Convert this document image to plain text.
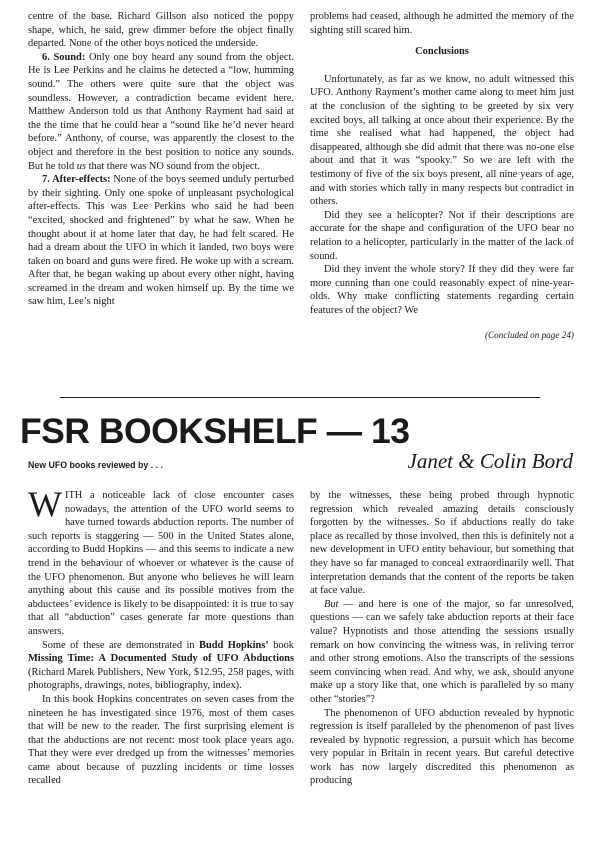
centre of the base. Richard Gillson also noticed the poppy shape, which, he said, grew dimmer before the object finally departed. None of the other boys noticed the underside.

6. Sound: Only one boy heard any sound from the object. He is Lee Perkins and he claims he detected a “low, humming sound.” The others were quite sure that the object was soundless. However, a contradiction became evident here. Matthew Anderson told us that Anthony Rayment had said at the the time that he could hear a “sound like he’d never heard before.” Anthony, of course, was apparently the closest to the object and therefore in the best position to notice any sounds. But he told us that there was NO sound from the object.

7. After-effects: None of the boys seemed unduly perturbed by their sighting. Only one spoke of unpleasant psychological after-effects. This was Lee Perkins who said he had been “excited, shocked and frightened” by what he saw. When he thought about it at home later that day, he had felt scared. He had a dream about the UFO in which it landed, two boys were taken on board and guns were fired. He woke up with a scream. After that, he began waking up about every other night, having screamed in the dream and woken himself up. By the time we saw him, Lee’s night

problems had ceased, although he admitted the memory of the sighting still scared him.

Conclusions

Unfortunately, as far as we know, no adult witnessed this UFO. Anthony Rayment’s mother came along to meet him just at the conclusion of the sighting to be greeted by six very excited boys, all talking at once about their experience. By the time she realised what had happened, the object had disappeared, although she did admit that there was no-one else about and that it was “spooky.” So we are left with the testimony of five of the six boys present, all nine years of age, and with stories which tally in many respects but contradict in others.

Did they see a helicopter? Not if their descriptions are accurate for the shape and configuration of the UFO bear no relation to a helicopter, particularly in the matter of the lack of sound.

Did they invent the whole story? If they did they were far more cunning than one could reasonably expect of nine-year-olds. Why make conflicting statements regarding certain features of the object? We

(Concluded on page 24)

FSR BOOKSHELF — 13
New UFO books reviewed by . . .	Janet & Colin Bord

WITH a noticeable lack of close encounter cases nowadays, the attention of the UFO world seems to have turned towards abduction reports. The number of such reports is staggering — 500 in the United States alone, according to Budd Hopkins — and this seems to indicate a new trend in the behaviour of whoever or whatever is the cause of the UFO phenomenon. But anyone who believes he will learn anything about this cause and its possible motives from the abductees’ evidence is likely to be disappointed: it is true to say that all “abduction” cases generate far more questions than answers.

Some of these are demonstrated in Budd Hopkins’ book Missing Time: A Documented Study of UFO Abductions (Richard Marek Publishers, New York, $12.95, 258 pages, with photographs, drawings, notes, bibliography, index).

In this book Hopkins concentrates on seven cases from the nineteen he has investigated since 1976, most of them cases that will be new to the reader. The first surprising element is that the abductions are not recent: most took place years ago. That they were ever dredged up from the witnesses’ memories came about because of puzzling incidents or time losses recalled

by the witnesses, these being probed through hypnotic regression which revealed amazing details consciously forgotten by the witnesses. So if abductions really do take place as recalled by those involved, then this is definitely not a new development in UFO entity behaviour, but something that they have so far managed to conceal extraordinarily well. That interpretation demands that the content of the reports be taken at face value.

But — and here is one of the major, so far unresolved, questions — can we safely take abduction reports at their face value? Hypnotists and those attending the sessions usually remark on how convincing the witness was, in reliving terror and other strong emotions. Also the transcripts of the sessions seem convincing when read. And why, we ask, should anyone make up a story like that, one which is paralleled by so many other “stories”?

The phenomenon of UFO abduction revealed by hypnotic regression is itself paralleled by the phenomenon of past lives revealed by hypnotic regression, a pursuit which has become very popular in Britain in recent years. But careful detective work has now largely discredited this phenomenon as producing
